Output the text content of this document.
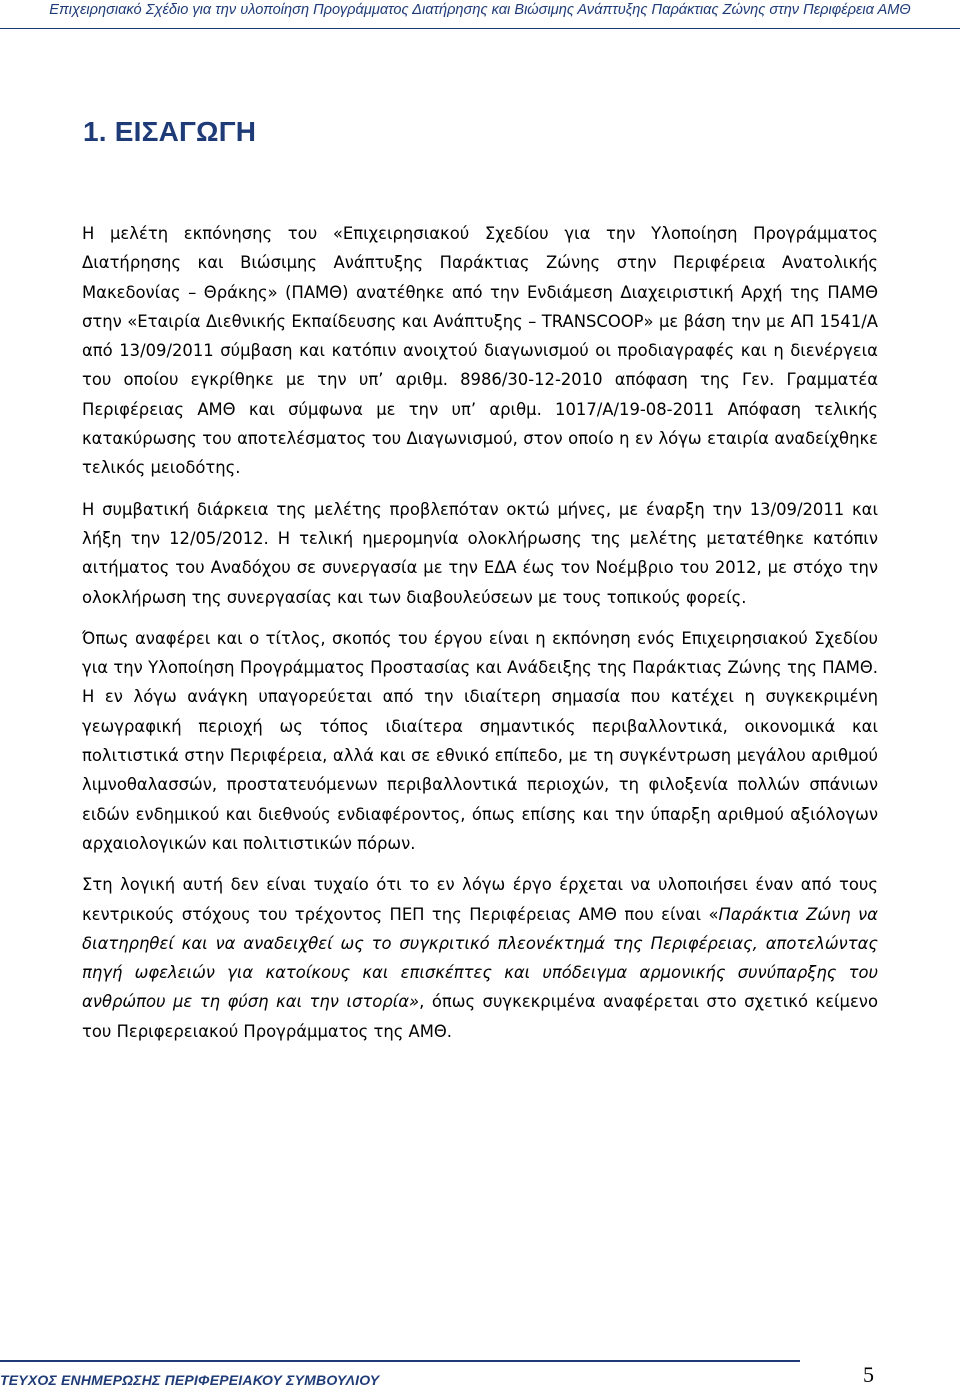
Επιχειρησιακό Σχέδιο για την υλοποίηση Προγράμματος Διατήρησης και Βιώσιμης Ανάπτυξης Παράκτιας Ζώνης στην Περιφέρεια ΑΜΘ
1. ΕΙΣΑΓΩΓΗ

Η μελέτη εκπόνησης του «Επιχειρησιακού Σχεδίου για την Υλοποίηση Προγράμματος Διατήρησης και Βιώσιμης Ανάπτυξης Παράκτιας Ζώνης στην Περιφέρεια Ανατολικής Μακεδονίας – Θράκης» (ΠΑΜΘ) ανατέθηκε από την Ενδιάμεση Διαχειριστική Αρχή της ΠΑΜΘ στην «Εταιρία Διεθνικής Εκπαίδευσης και Ανάπτυξης – TRANSCOOP» με βάση την με ΑΠ 1541/Α από 13/09/2011 σύμβαση και κατόπιν ανοιχτού διαγωνισμού οι προδιαγραφές και η διενέργεια του οποίου εγκρίθηκε με την υπ’ αριθμ. 8986/30-12-2010 απόφαση της Γεν. Γραμματέα Περιφέρειας ΑΜΘ και σύμφωνα με την υπ’ αριθμ. 1017/Α/19-08-2011 Απόφαση τελικής κατακύρωσης του αποτελέσματος του Διαγωνισμού, στον οποίο η εν λόγω εταιρία αναδείχθηκε τελικός μειοδότης.

Η συμβατική διάρκεια της μελέτης προβλεπόταν οκτώ μήνες, με έναρξη την 13/09/2011 και λήξη την 12/05/2012. Η τελική ημερομηνία ολοκλήρωσης της μελέτης μετατέθηκε κατόπιν αιτήματος του Αναδόχου σε συνεργασία με την ΕΔΑ έως τον Νοέμβριο του 2012, με στόχο την ολοκλήρωση της συνεργασίας και των διαβουλεύσεων με τους τοπικούς φορείς.

Όπως αναφέρει και ο τίτλος, σκοπός του έργου είναι η εκπόνηση ενός Επιχειρησιακού Σχεδίου για την Υλοποίηση Προγράμματος Προστασίας και Ανάδειξης της Παράκτιας Ζώνης της ΠΑΜΘ. Η εν λόγω ανάγκη υπαγορεύεται από την ιδιαίτερη σημασία που κατέχει η συγκεκριμένη γεωγραφική περιοχή ως τόπος ιδιαίτερα σημαντικός περιβαλλοντικά, οικονομικά και πολιτιστικά στην Περιφέρεια, αλλά και σε εθνικό επίπεδο, με τη συγκέντρωση μεγάλου αριθμού λιμνοθαλασσών, προστατευόμενων περιβαλλοντικά περιοχών, τη φιλοξενία πολλών σπάνιων ειδών ενδημικού και διεθνούς ενδιαφέροντος, όπως επίσης και την ύπαρξη αριθμού αξιόλογων αρχαιολογικών και πολιτιστικών πόρων.

Στη λογική αυτή δεν είναι τυχαίο ότι το εν λόγω έργο έρχεται να υλοποιήσει έναν από τους κεντρικούς στόχους του τρέχοντος ΠΕΠ της Περιφέρειας ΑΜΘ που είναι «Παράκτια Ζώνη να διατηρηθεί και να αναδειχθεί ως το συγκριτικό πλεονέκτημά της Περιφέρειας, αποτελώντας πηγή ωφελειών για κατοίκους και επισκέπτες και υπόδειγμα αρμονικής συνύπαρξης του ανθρώπου με τη φύση και την ιστορία», όπως συγκεκριμένα αναφέρεται στο σχετικό κείμενο του Περιφερειακού Προγράμματος της ΑΜΘ.

ΤΕΥΧΟΣ ΕΝΗΜΕΡΩΣΗΣ ΠΕΡΙΦΕΡΕΙΑΚΟΥ ΣΥΜΒΟΥΛΙΟΥ	5
